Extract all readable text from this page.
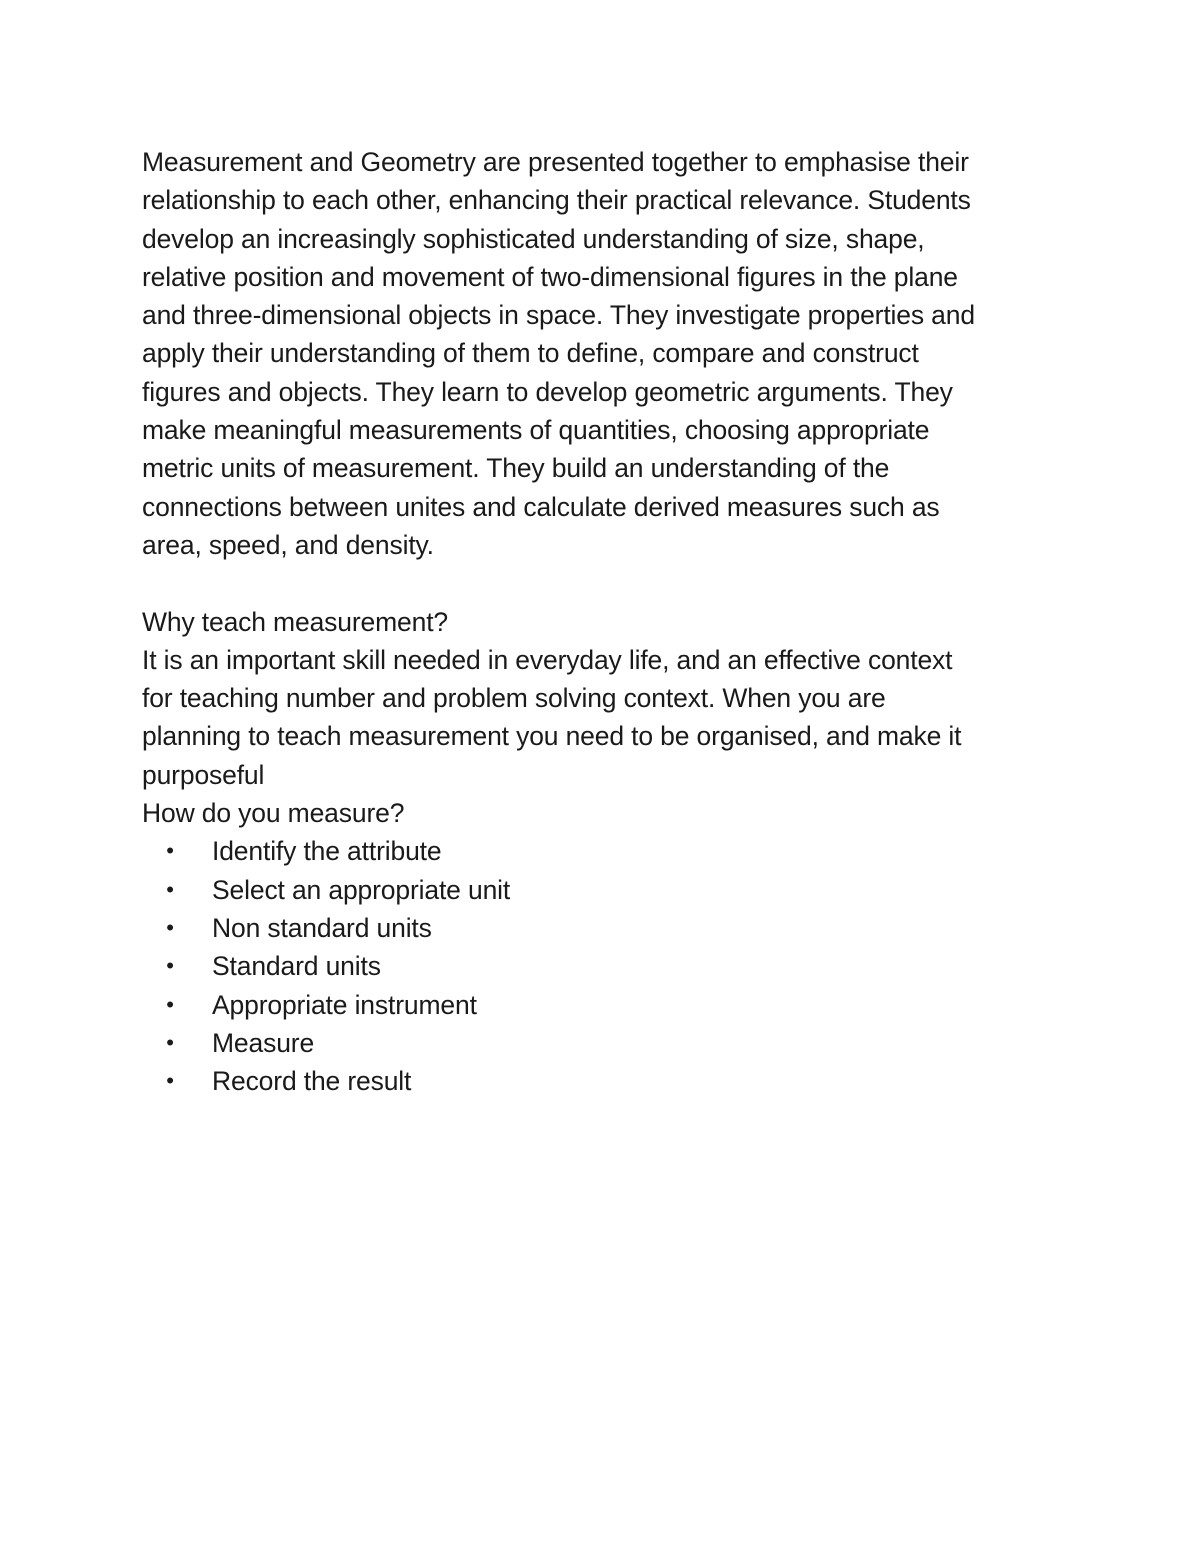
Measurement and Geometry are presented together to emphasise their
relationship to each other, enhancing their practical relevance. Students
develop an increasingly sophisticated understanding of size, shape,
relative position and movement of two-dimensional figures in the plane
and three-dimensional objects in space. They investigate properties and
apply their understanding of them to define, compare and construct
figures and objects. They learn to develop geometric arguments. They
make meaningful measurements of quantities, choosing appropriate
metric units of measurement. They build an understanding of the
connections between unites and calculate derived measures such as
area, speed, and density.

Why teach measurement?

It is an important skill needed in everyday life, and an effective context
for teaching number and problem solving context. When you are
planning to teach measurement you need to be organised, and make it
purposeful

How do you measure?

• Identify the attribute
• Select an appropriate unit
• Non standard units
• Standard units
• Appropriate instrument
• Measure
• Record the result
